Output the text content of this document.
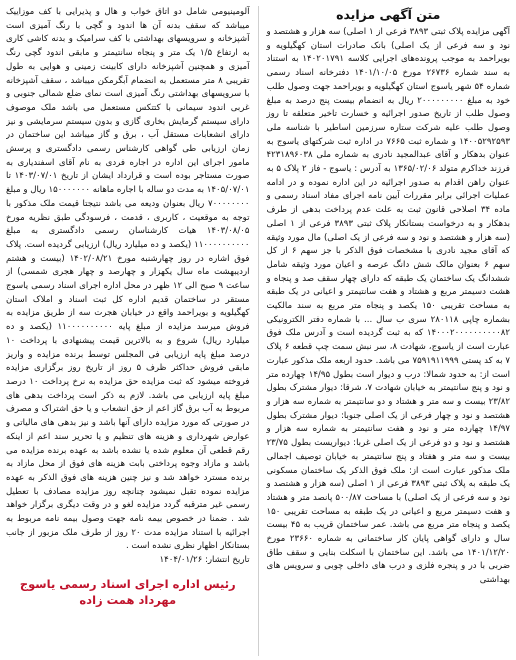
متن آگهی مزایده

آگهی مزایده پلاک ثبتی ۳۸۹۳ فرعی از ۱ اصلی) سه هزار و هشتصد و نود و سه فرعی از یک اصلی) بانک صادرات استان کهگیلویه و بویراحمد به موجب پرونده‌های اجرایی کلاسه ۱۴۰۲۰۱۷۹۱ به استناد به سند شماره ۲۶۷۳۶ مورخ ۱۴۰۱/۱۰/۰۵ دفترخانه اسناد رسمی شماره ۵۴ شهر یاسوج استان کهگیلویه و بویراحمد جهت وصول طلب خود به مبلغ ۲۰۰۰۰۰۰۰۰۰ ریال به انضمام بیست پنج درصد به مبلغ وصول طلب از تاریخ صدور اجرائیه و خسارت تاخیر متعلقه تا روز وصول طلب علیه شرکت ستاره سرزمین اساطیر با شناسه ملی ۱۴۰۰۵۲۹۲۵۹۳ و شماره ثبت ۷۶۶۵ در اداره ثبت شرکتهای یاسوج به عنوان بدهکار و آقای عبدالمجید نادری به شماره ملی ۴۲۳۱۸۹۶۰۳۸ فرزند خداکرم متولد ۱۳۶۵/۰۲/۰۶ به آدرس : یاسوج - فاز ۲ پلاک ۵ به عنوان راهن اقدام به صدور اجرائیه در این اداره نموده و در ادامه عملیات اجرائی برابر مقررات آیین نامه اجرای مفاد اسناد رسمی و ماده ۳۴ اصلاحی قانون ثبت به علت عدم پرداخت بدهی از طرف بدهکار و به درخواست بستانکار پلاک ثبتی ۳۸۹۳ فرعی از ۱ اصلی (سه هزار و هشتصد و نود و سه فرعی از یک اصلی) مال مورد وثیقه که آقای مجید نادری با مشخصات فوق الذکر با جز سهم ۶ از کل سهم ۶ بعنوان مالک شش دانگ عرصه و اعیان مورد وثیقه شامل ششدانگ یک ساختمان یک طبقه که دارای چهار سقف صد و پنجاه و هشت دسیمتر مربع و هشتاد و هفت سانتیمتر و اعیانی در یک طبقه به مساحت تقریبی ۱۵۰ یکصد و پنجاه متر مربع به سند مالکیت بشماره چاپی ۲۸۰۱۱۸ سری ب سال ... با شماره دفتر الکترونیکی ۱۴۰۰۰۲۰۰۰۰۰۰۰۰۰۰۸۲ که به ثبت گردیده است و آدرس ملک فوق عبارت است از یاسوج، شهادت ۸، سر نبش سمت چپ قطعه ۶ پلاک ۷ به کد پستی ۷۵۹۱۹۱۱۹۹۹ می باشد. حدود اربعه ملک مذکور عبارت است از: به حدود شمالا: درب و دیوار است بطول ۱۴/۹۵ چهارده متر و نود و پنج سانتیمتر به خیابان شهادت ۷، شرقا: دیوار مشترک بطول ۲۳/۸۲ بیست و سه متر و هشتاد و دو سانتیمتر به شماره سه هزار و هشتصد و نود و چهار فرعی از یک اصلی جنوبا: دیوار مشترک بطول ۱۴/۹۷ چهارده متر و نود و هفت سانتیمتر به شماره سه هزار و هشتصد و نود و دو فرعی از یک اصلی غربا: دیواریست بطول ۲۳/۷۵ بیست و سه متر و هفتاد و پنج سانتیمتر به خیابان توصیف اجمالی ملک مذکور عبارت است از: ملک فوق الذکر یک ساختمان مسکونی یک طبقه به پلاک ثبتی ۳۸۹۳ فرعی از ۱ اصلی (سه هزار و هشتصد و نود و سه فرعی از یک اصلی) با مساحت ۵۰۰/۸۷ پانصد متر و هشتاد و هفت دسیمتر مربع و اعیانی در یک طبقه به مساحت تقریبی ۱۵۰ یکصد و پنجاه متر مربع می باشد. عمر ساختمان قریب به ۴۵ بیست سال و دارای گواهی پایان کار ساختمانی به شماره ۲۳۶۶۰ مورخ ۱۴۰۱/۱۲/۲۰ می باشد. این ساختمان با اسکلت بنایی و سقف طاق ضربی با در و پنجره فلزی و درب های داخلی چوبی و سرویس های بهداشتی

آلومینیومی شامل دو اتاق خواب و هال و پذیرایی با کف موزاییک میباشد که سقف بدنه آن ها اندود و گچی با رنگ آمیزی است آشپزخانه و سرویسهای بهداشتی با کف سرامیک و بدنه کاشی کاری به ارتفاع ۱/۵ یک متر و پنجاه سانتیمتر و مابقی اندود گچی رنگ آمیزی و همچنین آشپزخانه دارای کابینت زمینی و هوایی به طول تقریبی ۸ متر مستعمل به انضمام آبگرمکن میباشد ، سقف آشپزخانه با سرویسهای بهداشتی رنگ آمیزی است نمای ضلع شمالی جنوبی و غربی اندود سیمانی با کتتکس مستعمل می باشد ملک موصوف دارای سیستم گرمایش بخاری گازی و بدون سیستم سرمایشی و نیز دارای انشعابات مستقل آب ، برق و گاز میباشد این ساختمان در زمان ارزیابی طی گواهی کارشناس رسمی دادگستری و پرسش مامور اجرای این اداره در اجاره فردی به نام آقای اسفندیاری به صورت مستاجر بوده است و قرارداد ایشان از تاریخ ۱۴۰۳/۰۷/۰۱ تا ۱۴۰۵/۰۷/۰۱ به مدت دو ساله با اجاره ماهانه ۱۵۰۰۰۰۰۰۰ ریال و مبلغ ۷۰۰۰۰۰۰۰۰ ریال بعنوان ودیعه می باشد نتیجتا قیمت ملک مذکور با توجه به موقعیت ، کاربری ، قدمت ، فرسودگی طبق نظریه مورخ ۱۴۰۳/۰۸/۰۵ هیات کارشناسان رسمی دادگستری به مبلغ ۱۱۰۰۰۰۰۰۰۰۰۰ (یکصد و ده میلیارد ریال) ارزیابی گردیده است. پلاک فوق اشاره در روز چهارشنبه مورخ ۱۴۰۲/۰۸/۲۱ (بیست و هشتم اردیبهشت ماه سال یکهزار و چهارصد و چهار هجری شمسی) از ساعت ۹ صبح الی ۱۲ ظهر در محل اداره اجرای اسناد رسمی یاسوج مستقر در ساختمان قدیم اداره کل ثبت اسناد و املاک استان کهگیلویه و بویراحمد واقع در خیابان هجرت سه از طریق مزایده به فروش میرسد مزایده از مبلغ پایه ۱۱۰۰۰۰۰۰۰۰۰۰ (یکصد و ده میلیارد ریال) شروع و به بالاترین قیمت پیشنهادی با پرداخت ۱۰ درصد مبلغ پایه ارزیابی فی المجلس توسط برنده مزایده و واریز مابقی فروش حداکثر ظرف ۵ روز از تاریخ روز برگزاری مزایده فروخته میشود که ثبت مزایده حق مزایده به نرخ پرداخت ۱۰ درصد مبلغ پایه ارزیابی می باشد. لازم به ذکر است پرداخت بدهی های مربوط به آب برق گاز اعم از حق انشعاب و یا حق اشتراک و مصرف در صورتی که مورد مزایده دارای آنها باشد و نیز بدهی های مالیاتی و عوارض شهرداری و هزینه های تنظیم و یا تحریر سند اعم از اینکه رقم قطعی آن معلوم شده یا نشده باشد به عهده برنده مزایده می باشد و مازاد وجوه پرداختی بابت هزینه های فوق از محل مازاد به برنده مسترد خواهد شد و نیز چنین هزینه های فوق الذکر به عهده مزایده نموده تقبل نمیشود چنانچه روز مزایده مصادف با تعطیل رسمی غیر مترقبه گردد مزایده لغو و در وقت دیگری برگزار خواهد شد . ضمنا در خصوص بیمه نامه جهت وصول بیمه نامه مربوط به اجرائیه با استناد مزایده مدت ۲۰ روز از طرف ملک مزبور از جانب بستانکار اظهار نظری نشده است .

تاریخ انتشار: ۱۴۰۴/۰۱/۲۶

رئیس اداره اجرای اسناد رسمی یاسوج
مهرداد همت زاده
